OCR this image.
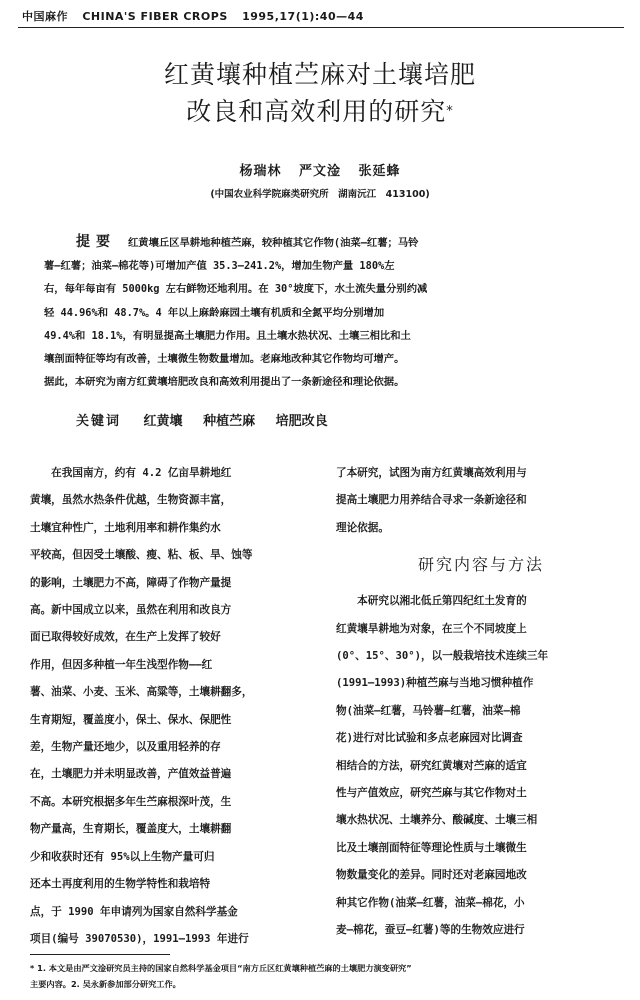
中国麻作 CHINA'S FIBER CROPS 1995,17(1):40—44
红黄壤种植苎麻对土壤培肥
改良和高效利用的研究*
杨瑞林 严文淦 张延蜂
(中国农业科学院麻类研究所　湖南沅江　413100)
提要 红黄壤丘区旱耕地种植苎麻，较种植其它作物(油菜—红薯；马铃
薯—红薯；油菜—棉花等)可增加产值 35.3—241.2%，增加生物产量 180%左
右，每年每亩有 5000kg 左右鲜物还地利用。在 30°坡度下，水土流失量分别约减
轻 44.96%和 48.7%。4 年以上麻龄麻园土壤有机质和全氮平均分别增加
49.4%和 18.1%，有明显提高土壤肥力作用。且土壤水热状况、土壤三相比和土
壤剖面特征等均有改善，土壤微生物数量增加。老麻地改种其它作物均可增产。
据此，本研究为南方红黄壤培肥改良和高效利用提出了一条新途径和理论依据。
关键词 红黄壤 种植苎麻 培肥改良
　　在我国南方，约有 4.2 亿亩旱耕地红
黄壤，虽然水热条件优越，生物资源丰富，
土壤宜种性广，土地利用率和耕作集约水
平较高，但因受土壤酸、瘦、粘、板、旱、蚀等
的影响，土壤肥力不高，障碍了作物产量提
高。新中国成立以来，虽然在利用和改良方
面已取得较好成效，在生产上发挥了较好
作用，但因多种植一年生浅型作物——红
薯、油菜、小麦、玉米、高粱等，土壤耕翻多，
生育期短，覆盖度小，保土、保水、保肥性
差，生物产量还地少，以及重用轻养的存
在，土壤肥力并未明显改善，产值效益普遍
不高。本研究根据多年生苎麻根深叶茂，生
物产量高，生育期长，覆盖度大，土壤耕翻
少和收获时还有 95%以上生物产量可归
还本土再度利用的生物学特性和栽培特
点，于 1990 年申请列为国家自然科学基金
项目(编号 39070530)，1991—1993 年进行
了本研究，试图为南方红黄壤高效利用与
提高土壤肥力用养结合寻求一条新途径和
理论依据。
研究内容与方法
　　本研究以湘北低丘第四纪红土发育的
红黄壤旱耕地为对象，在三个不同坡度上
(0°、15°、30°)，以一般栽培技术连续三年
(1991—1993)种植苎麻与当地习惯种植作
物(油菜—红薯，马铃薯—红薯，油菜—棉
花)进行对比试验和多点老麻园对比调查
相结合的方法，研究红黄壤对苎麻的适宜
性与产值效应，研究苎麻与其它作物对土
壤水热状况、土壤养分、酸碱度、土壤三相
比及土壤剖面特征等理论性质与土壤微生
物数量变化的差异。同时还对老麻园地改
种其它作物(油菜—红薯，油菜—棉花，小
麦—棉花，蚕豆—红薯)等的生物效应进行
* 1. 本文是由严文淦研究员主持的国家自然科学基金项目“南方丘区红黄壤种植苎麻的土壤肥力演变研究”
主要内容。2. 吴永新参加部分研究工作。
